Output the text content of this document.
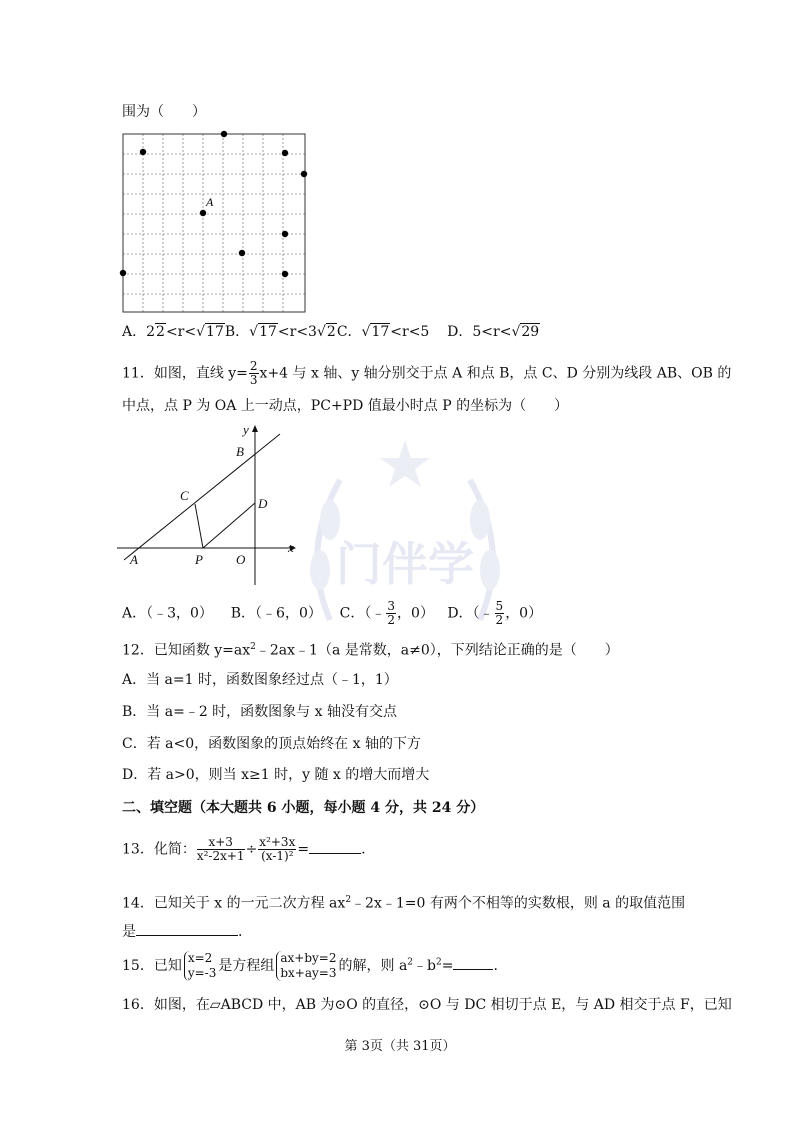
门伴学
围为（　　）
A
A．22<r<√17B．√17<r<3√2C．√17<r<5 D．5<r<√29
11．如图，直线 $y= \frac{2}{3} x+4$ 与 x 轴、y 轴分别交于点 A 和点 B，点 C、D 分别为线段 AB、OB 的
中点，点 P 为 OA 上一动点，PC+PD 值最小时点 P 的坐标为（　　）
y
x
B
C
D
A	P	O
A．（﹣3，0） B．（﹣6，0） C．（﹣ $\frac{3}{2}$ ，0） D．（﹣ $\frac{5}{2}$ ，0）
12．已知函数 $y=ax^2﹣2ax﹣1(a$ 是常数，a≠0），下列结论正确的是（　　）
A．当 a=1 时，函数图象经过点（﹣1，1）
B．当 a=﹣2 时，函数图象与 x 轴没有交点
C．若 a<0，函数图象的顶点始终在 x 轴的下方
D．若 a>0，则当 x≥1 时，y 随 x 的增大而增大
二、填空题（本大题共 6 小题，每小题 4 分，共 24 分）
13．化简： $\frac{x+3}{\text{x²-2x+1}} \div \frac{\text{x²+3x}}{\text{(x-1)²}}$ =	.
14．已知关于 x 的一元二次方程 $ax^2﹣2x﹣1=0$ 有两个不相等的实数根，则 a 的取值范围
是	.
15．已知 x=2
y=-3 是方程组 ax+by=2
bx+ay=3 的解，则 $a^2﹣b^2=$	.
16．如图，在▱ABCD 中，AB 为⊙O 的直径，⊙O 与 DC 相切于点 E，与 AD 相交于点 F，已知
第 3页（共 31页）
